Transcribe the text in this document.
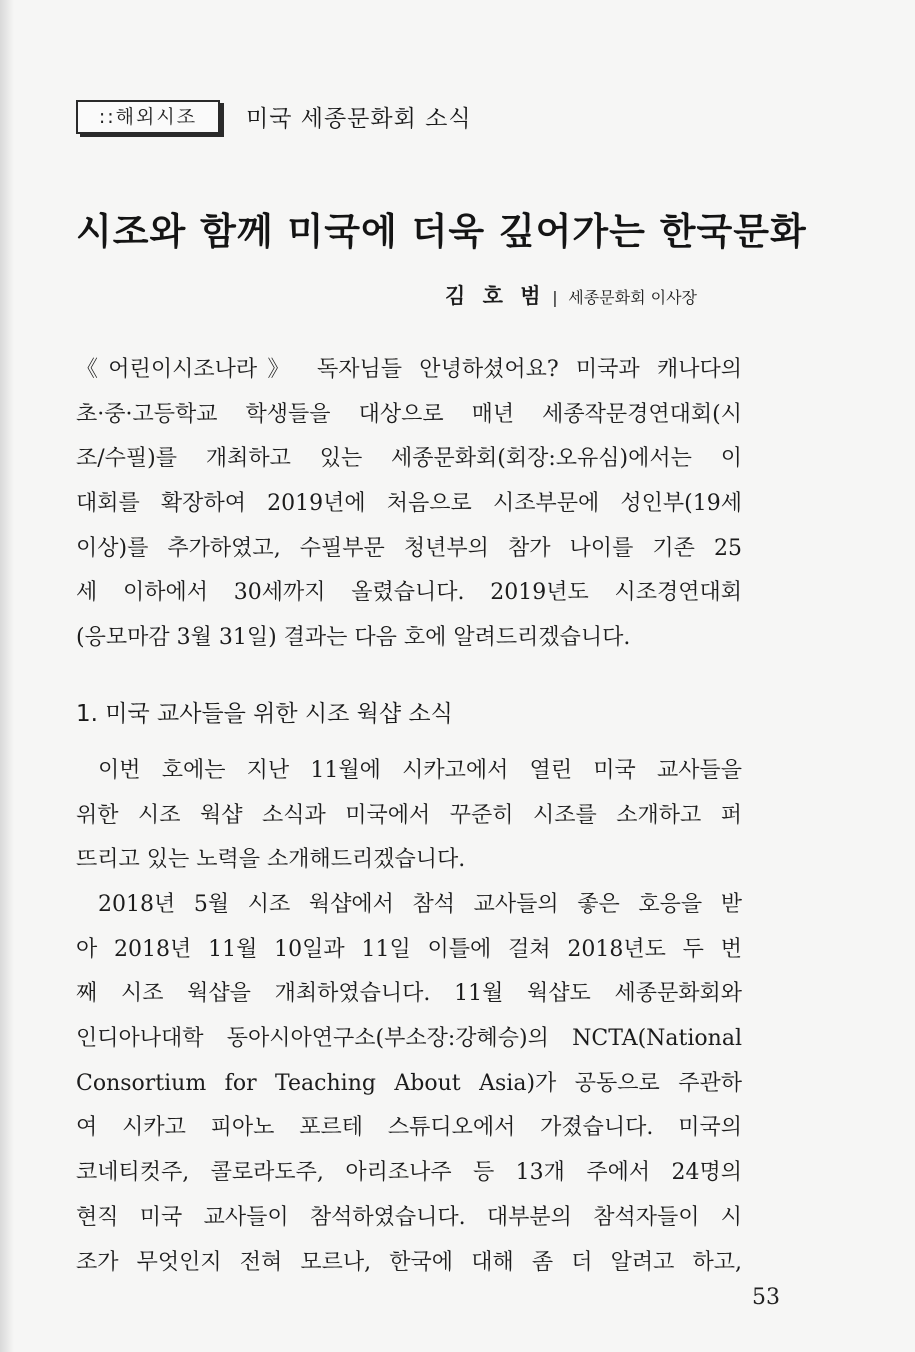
::해외시조	미국 세종문화회 소식
시조와 함께 미국에 더욱 깊어가는 한국문화
김 호 범 | 세종문화회 이사장
《어린이시조나라》 독자님들 안녕하셨어요? 미국과 캐나다의
초·중·고등학교 학생들을 대상으로 매년 세종작문경연대회(시
조/수필)를 개최하고 있는 세종문화회(회장:오유심)에서는 이
대회를 확장하여 2019년에 처음으로 시조부문에 성인부(19세
이상)를 추가하였고, 수필부문 청년부의 참가 나이를 기존 25
세 이하에서 30세까지 올렸습니다. 2019년도 시조경연대회
(응모마감 3월 31일) 결과는 다음 호에 알려드리겠습니다.
1. 미국 교사들을 위한 시조 웍샵 소식
이번 호에는 지난 11월에 시카고에서 열린 미국 교사들을
위한 시조 웍샵 소식과 미국에서 꾸준히 시조를 소개하고 퍼
뜨리고 있는 노력을 소개해드리겠습니다.
2018년 5월 시조 웍샵에서 참석 교사들의 좋은 호응을 받
아 2018년 11월 10일과 11일 이틀에 걸쳐 2018년도 두 번
째 시조 웍샵을 개최하였습니다. 11월 웍샵도 세종문화회와
인디아나대학 동아시아연구소(부소장:강혜승)의 NCTA(National
Consortium for Teaching About Asia)가 공동으로 주관하
여 시카고 피아노 포르테 스튜디오에서 가졌습니다. 미국의
코네티컷주, 콜로라도주, 아리조나주 등 13개 주에서 24명의
현직 미국 교사들이 참석하였습니다. 대부분의 참석자들이 시
조가 무엇인지 전혀 모르나, 한국에 대해 좀 더 알려고 하고,
53
